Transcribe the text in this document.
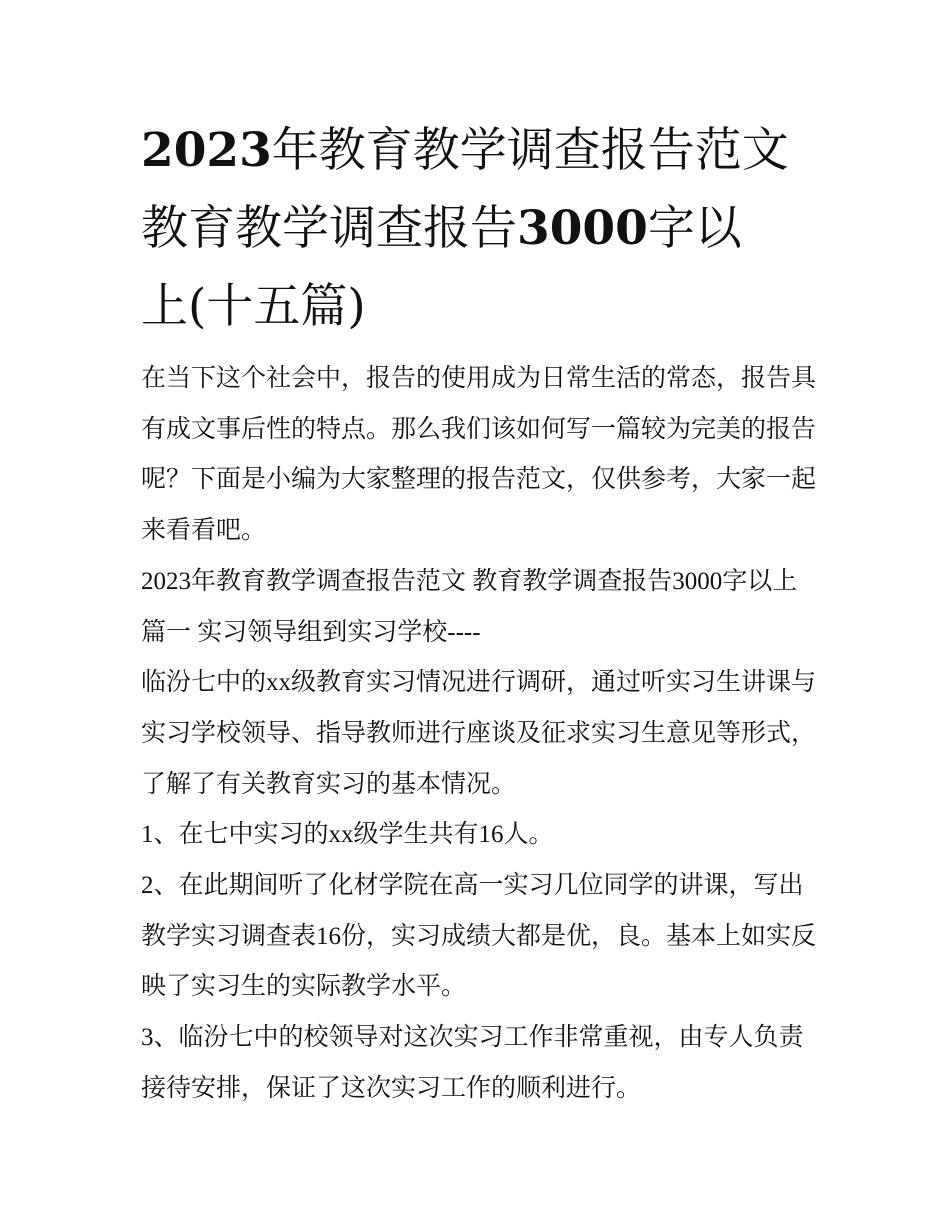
2023年教育教学调查报告范文
教育教学调查报告3000字以
上(十五篇)

在当下这个社会中，报告的使用成为日常生活的常态，报告具有成文事后性的特点。那么我们该如何写一篇较为完美的报告呢？下面是小编为大家整理的报告范文，仅供参考，大家一起来看看吧。

2023年教育教学调查报告范文 教育教学调查报告3000字以上

篇一 实习领导组到实习学校----

临汾七中的xx级教育实习情况进行调研，通过听实习生讲课与实习学校领导、指导教师进行座谈及征求实习生意见等形式，了解了有关教育实习的基本情况。

1、在七中实习的xx级学生共有16人。

2、在此期间听了化材学院在高一实习几位同学的讲课，写出教学实习调查表16份，实习成绩大都是优，良。基本上如实反映了实习生的实际教学水平。

3、临汾七中的校领导对这次实习工作非常重视，由专人负责接待安排，保证了这次实习工作的顺利进行。
